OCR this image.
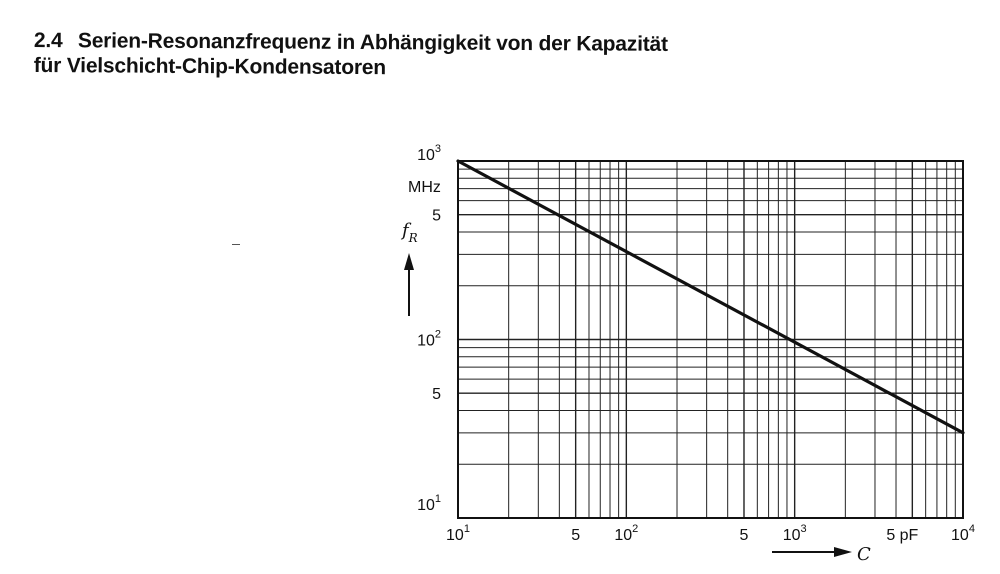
2.4 Serien-Resonanzfrequenz in Abhängigkeit von der Kapazität
für Vielschicht-Chip-Kondensatoren
$10^1$	5 $10^2$	5 $10^3$	5 pF $10^4$
$10^1$
5
$10^2$
5
$10^3$
MHz
$f_R$
C
